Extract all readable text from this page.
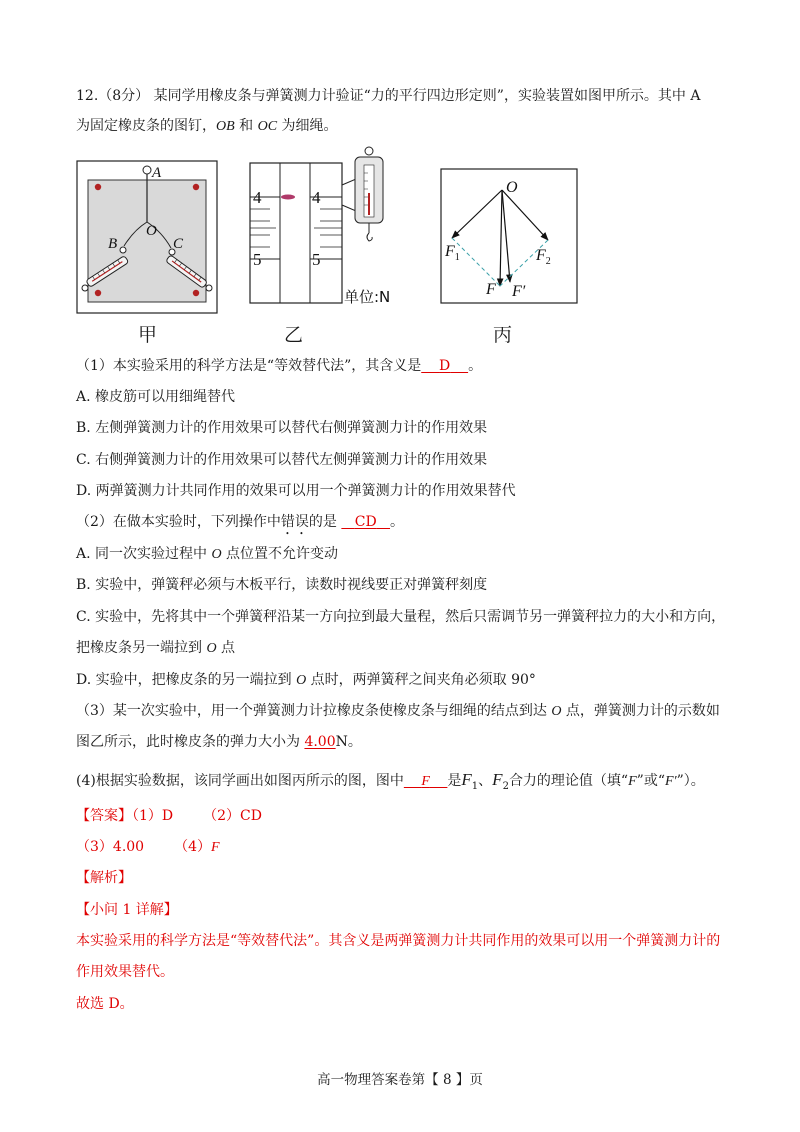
12.（8分） 某同学用橡皮条与弹簧测力计验证“力的平行四边形定则”，实验装置如图甲所示。其中 A
为固定橡皮条的图钉，OB 和 OC 为细绳。
A
B	C
O
4	4
5	5
单位:N
O
$F_1$	$F_2$
F F′
甲	乙	丙
（1）本实验采用的科学方法是“等效替代法”，其含义是 D 。
A. 橡皮筋可以用细绳替代
B. 左侧弹簧测力计的作用效果可以替代右侧弹簧测力计的作用效果
C. 右侧弹簧测力计的作用效果可以替代左侧弹簧测力计的作用效果
D. 两弹簧测力计共同作用的效果可以用一个弹簧测力计的作用效果替代
（2）在做本实验时，下列操作中错误的是 CD 。
A. 同一次实验过程中 O 点位置不允许变动
B. 实验中，弹簧秤必须与木板平行，读数时视线要正对弹簧秤刻度
C. 实验中，先将其中一个弹簧秤沿某一方向拉到最大量程，然后只需调节另一弹簧秤拉力的大小和方向，
把橡皮条另一端拉到 O 点
D. 实验中，把橡皮条的另一端拉到 O 点时，两弹簧秤之间夹角必须取 90°
（3）某一次实验中，用一个弹簧测力计拉橡皮条使橡皮条与细绳的结点到达 O 点，弹簧测力计的示数如
图乙所示，此时橡皮条的弹力大小为 4.00N。
(4)根据实验数据，该同学画出如图丙所示的图，图中 F 是$F_1$、$F_2$合力的理论值（填“F”或“F′”）。
【答案】（1）D （2）CD
（3）4.00 （4）F
【解析】
【小问 1 详解】
本实验采用的科学方法是“等效替代法”。其含义是两弹簧测力计共同作用的效果可以用一个弹簧测力计的
作用效果替代。
故选 D。
高一物理答案卷第【 8 】页
